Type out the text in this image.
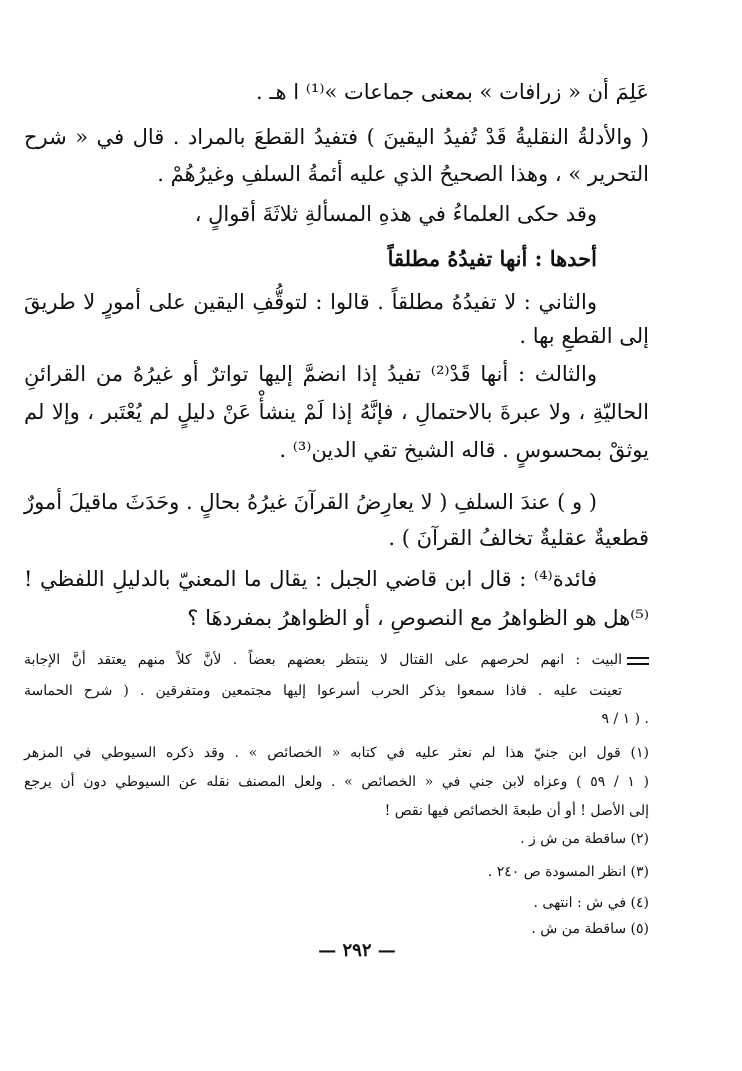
عَلِمَ أن « زرافات » بمعنى جماعات »⁽¹⁾ ا هـ .
( والأدلةُ النقليةُ قَدْ تُفيدُ اليقينَ ) فتفيدُ القطعَ بالمراد . قال في « شرح
التحرير » ، وهذا الصحيحُ الذي عليه أئمةُ السلفِ وغيرُهُمْ .
وقد حكى العلماءُ في هذهِ المسألةِ ثلاثَةَ أقوالٍ ،
أحدها : أنها تفيدُهُ مطلقاً
والثاني : لا تفيدُهُ مطلقاً . قالوا : لتوقُّفِ اليقين على أمورٍ لا طريقَ
إلى القطعِ بها .
والثالث : أنها قَدْ⁽²⁾ تفيدُ إذا انضمَّ إليها تواترٌ أو غيرُهُ من القرائنِ
الحاليّةِ ، ولا عبرةَ بالاحتمالِ ، فإنَّهُ إذا لَمْ ينشأْ عَنْ دليلٍ لم يُعْتَبر ، وإلا لم
يوثقْ بمحسوسٍ . قاله الشيخ تقي الدين⁽³⁾ .
( و ) عندَ السلفِ ( لا يعارِضُ القرآنَ غيرُهُ بحالٍ . وحَدَثَ ماقيلَ أمورٌ
قطعيةٌ عقليةٌ تخالفُ القرآنَ ) .
فائدة⁽⁴⁾ : قال ابن قاضي الجبل : يقال ما المعنيّ بالدليلِ اللفظي !
⁽⁵⁾هل هو الظواهرُ مع النصوصِ ، أو الظواهرُ بمفردهَا ؟
البيت : انهم لحرصهم على القتال لا ينتظر بعضهم بعضاً . لأنَّ كلاً منهم يعتقد أنَّ الإجابة
تعينت عليه . فاذا سمعوا بذكر الحرب أسرعوا إليها مجتمعين ومتفرقين . ( شرح الحماسة
١ / ٩ ) .
(١) قول ابن جنيّ هذا لم نعثر عليه في كتابه « الخصائص » . وقد ذكره السيوطي في المزهر
( ١ / ٥٩ ) وعزاه لابن جني في « الخصائص » . ولعل المصنف نقله عن السيوطي دون أن يرجع
إلى الأصل ! أو أن طبعةَ الخصائص فيها نقص !
(٢) ساقطة من ش ز .
(٣) انظر المسودة ص ٢٤٠ .
(٤) في ش : انتهى .
(٥) ساقطة من ش .
— ٢٩٢ —
